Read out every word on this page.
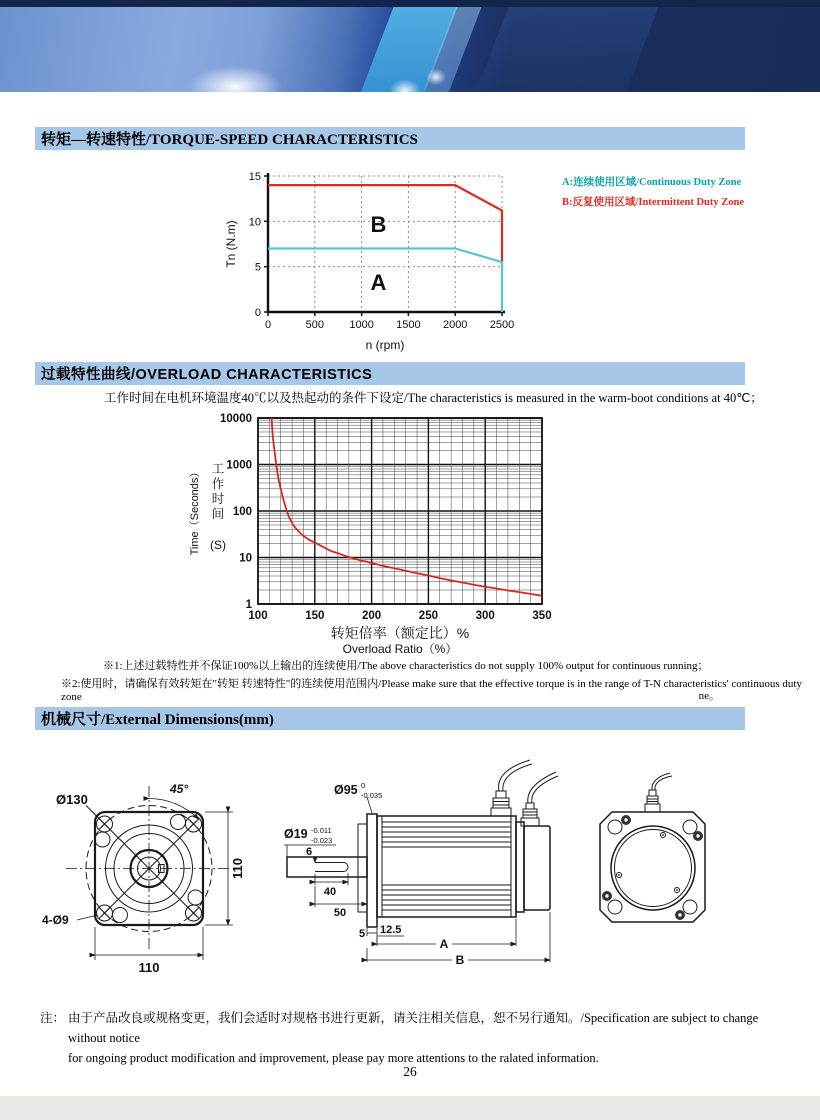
转矩—转速特性/TORQUE-SPEED CHARACTERISTICS
0	500 1000 1500 2000 2500
0
5
10
15
n (rpm)
Tn (N.m)	B
A
A:连续使用区域/Continuous Duty Zone
B:反复使用区域/Intermittent Duty Zone
过载特性曲线/OVERLOAD CHARACTERISTICS
工作时间在电机环境温度40℃以及热起动的条件下设定/The characteristics is measured in the warm-boot conditions at 40℃；
1
10
100
1000
10000
100	150	200	250	300	350
Time（Seconds） 工
作
时
间
(S)
转矩倍率（额定比）%
Overload Ratio（%）
※1:上述过载特性并不保证100%以上输出的连续使用/The above characteristics do not supply 100% output for continuous running；
※2:使用时，请确保有效转矩在"转矩 转速特性"的连续使用范围内/Please make sure that the effective torque is in the range of T-N characteristics' continuous duty zone	ne。
机械尺寸/External Dimensions(mm)
45°
Ø130
110
110
4-Ø9
Ø95 0
-0.035
Ø19 -0.011
-0.023
6
40
50
5 12.5
A
B
注： 由于产品改良或规格变更，我们会适时对规格书进行更新，请关注相关信息，恕不另行通知。/Specification are subject to change without notice
for ongoing product modification and improvement, please pay more attentions to the ralated information.
26
